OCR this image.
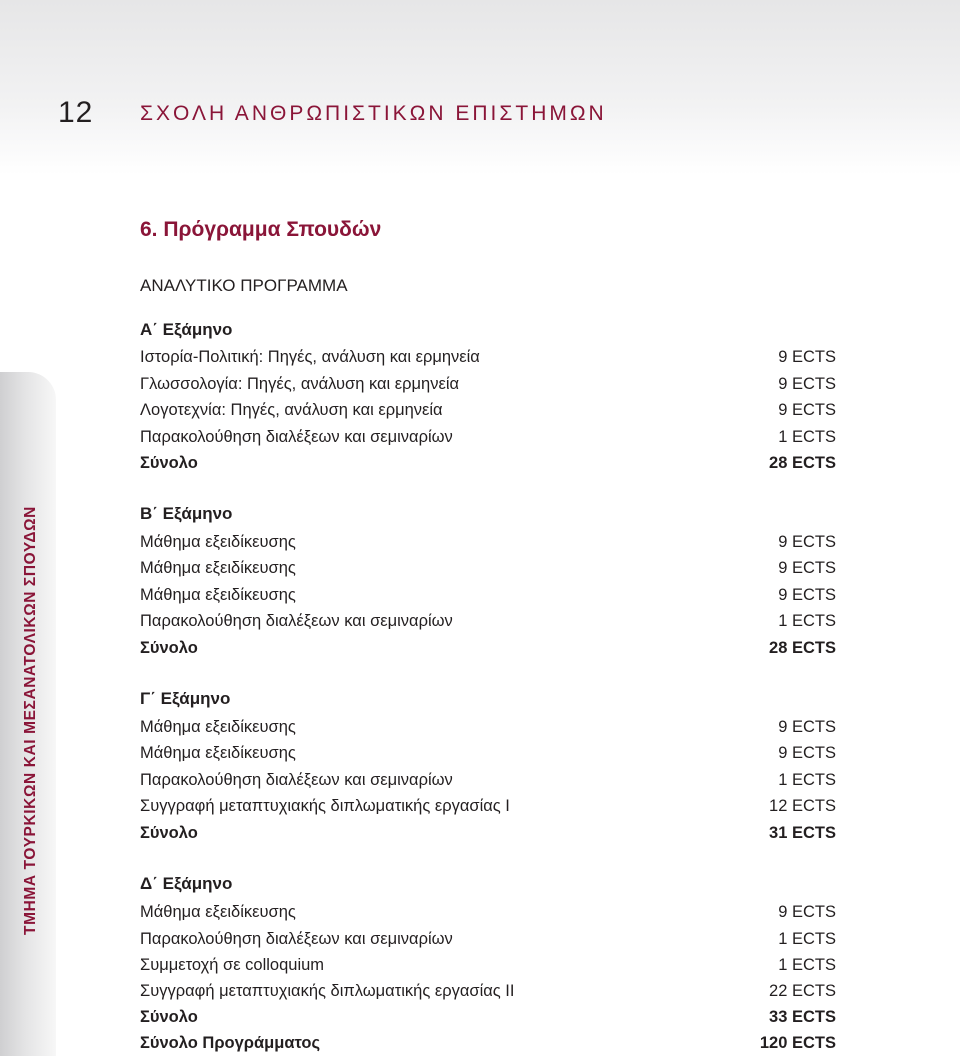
12 ΣΧΟΛΗ ΑΝΘΡΩΠΙΣΤΙΚΩΝ ΕΠΙΣΤΗΜΩΝ
ΤΜΗΜΑ ΤΟΥΡΚΙΚΩΝ ΚΑΙ ΜΕΣΑΝΑΤΟΛΙΚΩΝ ΣΠΟΥΔΩΝ
6. Πρόγραμμα Σπουδών
ΑΝΑΛΥΤΙΚΟ ΠΡΟΓΡΑΜΜΑ
Α΄ Εξάμηνο
Ιστορία-Πολιτική: Πηγές, ανάλυση και ερμηνεία	9 ECTS
Γλωσσολογία: Πηγές, ανάλυση και ερμηνεία	9 ECTS
Λογοτεχνία: Πηγές, ανάλυση και ερμηνεία	9 ECTS
Παρακολούθηση διαλέξεων και σεμιναρίων	1 ECTS
Σύνολο	28 ECTS
Β΄ Εξάμηνο
Μάθημα εξειδίκευσης	9 ECTS
Μάθημα εξειδίκευσης	9 ECTS
Μάθημα εξειδίκευσης	9 ECTS
Παρακολούθηση διαλέξεων και σεμιναρίων	1 ECTS
Σύνολο	28 ECTS
Γ΄ Εξάμηνο
Μάθημα εξειδίκευσης	9 ECTS
Μάθημα εξειδίκευσης	9 ECTS
Παρακολούθηση διαλέξεων και σεμιναρίων	1 ECTS
Συγγραφή μεταπτυχιακής διπλωματικής εργασίας Ι	12 ECTS
Σύνολο	31 ECTS
Δ΄ Εξάμηνο
Μάθημα εξειδίκευσης	9 ECTS
Παρακολούθηση διαλέξεων και σεμιναρίων	1 ECTS
Συμμετοχή σε colloquium	1 ECTS
Συγγραφή μεταπτυχιακής διπλωματικής εργασίας ΙΙ	22 ECTS
Σύνολο	33 ECTS
Σύνολο Προγράμματος	120 ECTS
